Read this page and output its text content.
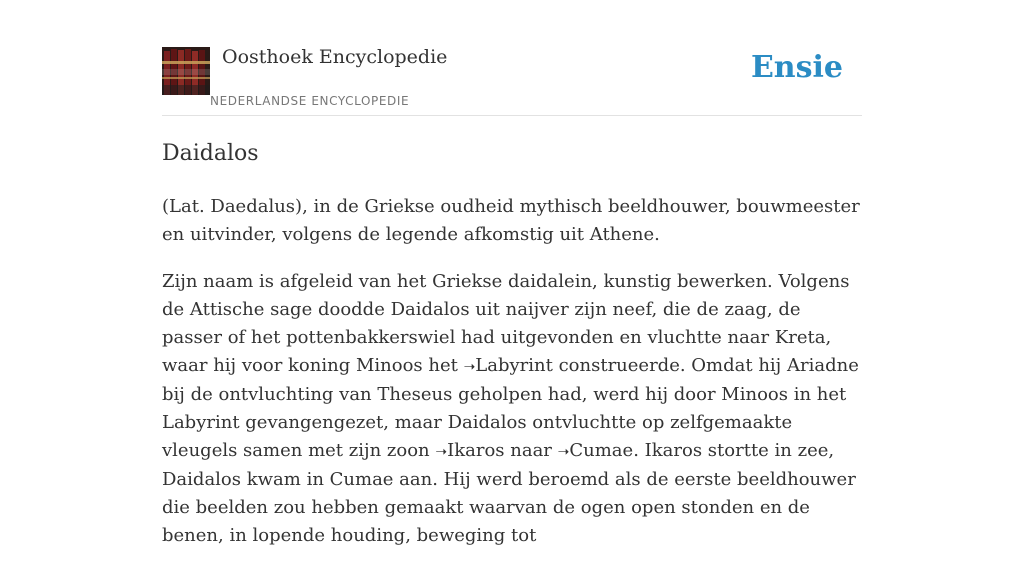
Oosthoek Encyclopedie
NEDERLANDSE ENCYCLOPEDIE
Ensie
Daidalos

(Lat. Daedalus), in de Griekse oudheid mythisch beeldhouwer, bouwmeester en uitvinder, volgens de legende afkomstig uit Athene.

Zijn naam is afgeleid van het Griekse daidalein, kunstig bewerken. Volgens de Attische sage doodde Daidalos uit naijver zijn neef, die de zaag, de passer of het pottenbakkerswiel had uitgevonden en vluchtte naar Kreta, waar hij voor koning Minoos het ➝Labyrint construeerde. Omdat hij Ariadne bij de ontvluchting van Theseus geholpen had, werd hij door Minoos in het Labyrint gevangengezet, maar Daidalos ontvluchtte op zelfgemaakte vleugels samen met zijn zoon ➝Ikaros naar ➝Cumae. Ikaros stortte in zee, Daidalos kwam in Cumae aan. Hij werd beroemd als de eerste beeldhouwer die beelden zou hebben gemaakt waarvan de ogen open stonden en de benen, in lopende houding, beweging tot
